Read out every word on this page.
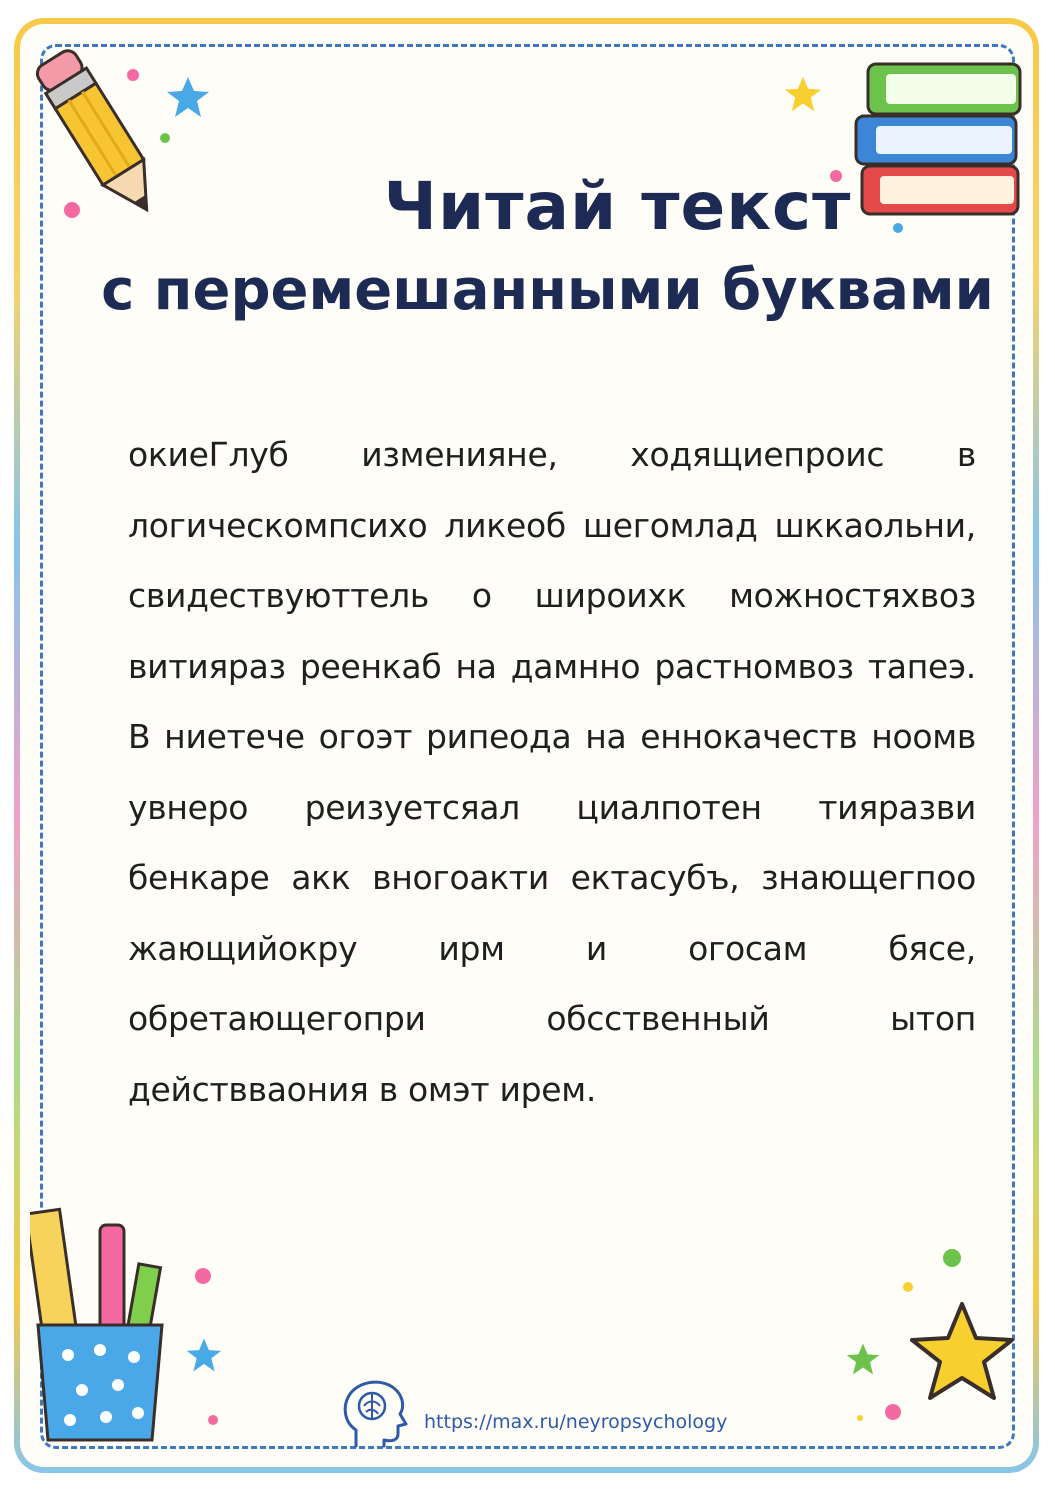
Читай текст
с перемешанными буквами

окиеГлуб изменияне, ходящиепроис в логическомпсихо ликеоб шегомлад шккаольни, свидествуюттель о широихк можностяхвоз витияраз реенкаб на дамнно растномвоз тапеэ. В ниетече огоэт рипеода на еннокачеств ноомв увнеро реизуетсяал циалпотен тияразви бенкаре акк вногоакти ектасубъ, знающегпоо жающийокру ирм и огосам бясе, обретающегопри обсственный ытоп действваония в омэт ирем.

https://max.ru/neyropsychology
